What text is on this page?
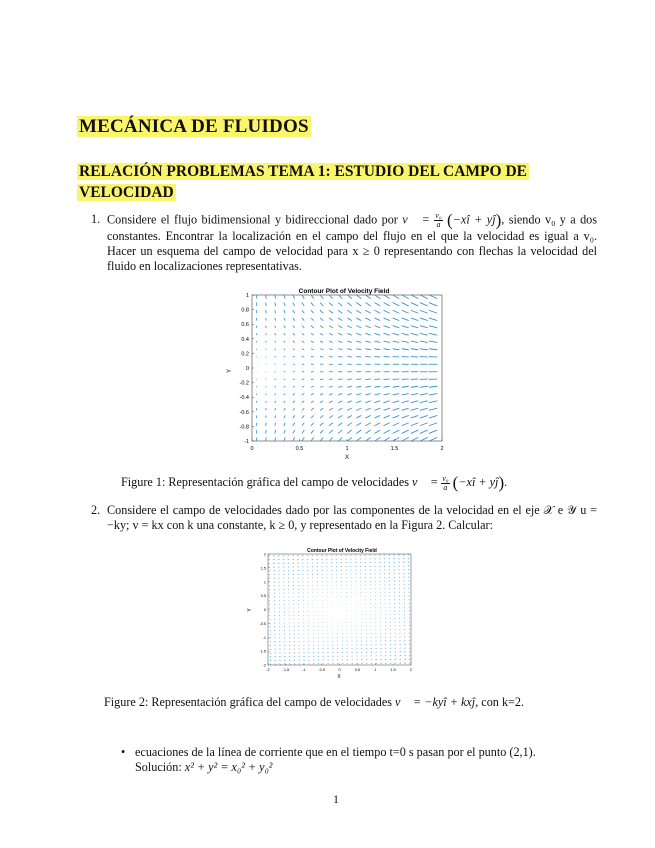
MECÁNICA DE FLUIDOS
RELACIÓN PROBLEMAS TEMA 1: ESTUDIO DEL CAMPO DE VELOCIDAD
1. Considere el flujo bidimensional y bidireccional dado por v⃗ = $\frac{\text{v₀}}{a}$ (−xî + yĵ), siendo v₀ y a dos constantes. Encontrar la localización en el campo del flujo en el que la velocidad es igual a v₀. Hacer un esquema del campo de velocidad para x ≥ 0 representando con flechas la velocidad del fluido en localizaciones representativas.
Contour Plot of Velocity Field
0	0.5	1	1.5	2
1
0.8
0.6
0.4
0.2
0
-0.2
-0.4
-0.6
-0.8
-1
X
Y
Figure 1: Representación gráfica del campo de velocidades v⃗ = $\frac{\text{v₀}}{a}$ (−xî + yĵ).
2. Considere el campo de velocidades dado por las componentes de la velocidad en el eje 𝒳 e 𝒴 u = −ky; v = kx con k una constante, k ≥ 0, y representado en la Figura 2. Calcular:
Contour Plot of Velocity Field
-2	-1.5	-1	-0.5	0	0.5	1	1.5	2
2
1.5
1
0.5
0
-0.5
-1
-1.5
-2
X
Y
Figure 2: Representación gráfica del campo de velocidades v⃗ = −kyî + kxĵ, con k=2.
• ecuaciones de la línea de corriente que en el tiempo t=0 s pasan por el punto (2,1).
Solución: x² + y² = x₀² + y₀²
1
